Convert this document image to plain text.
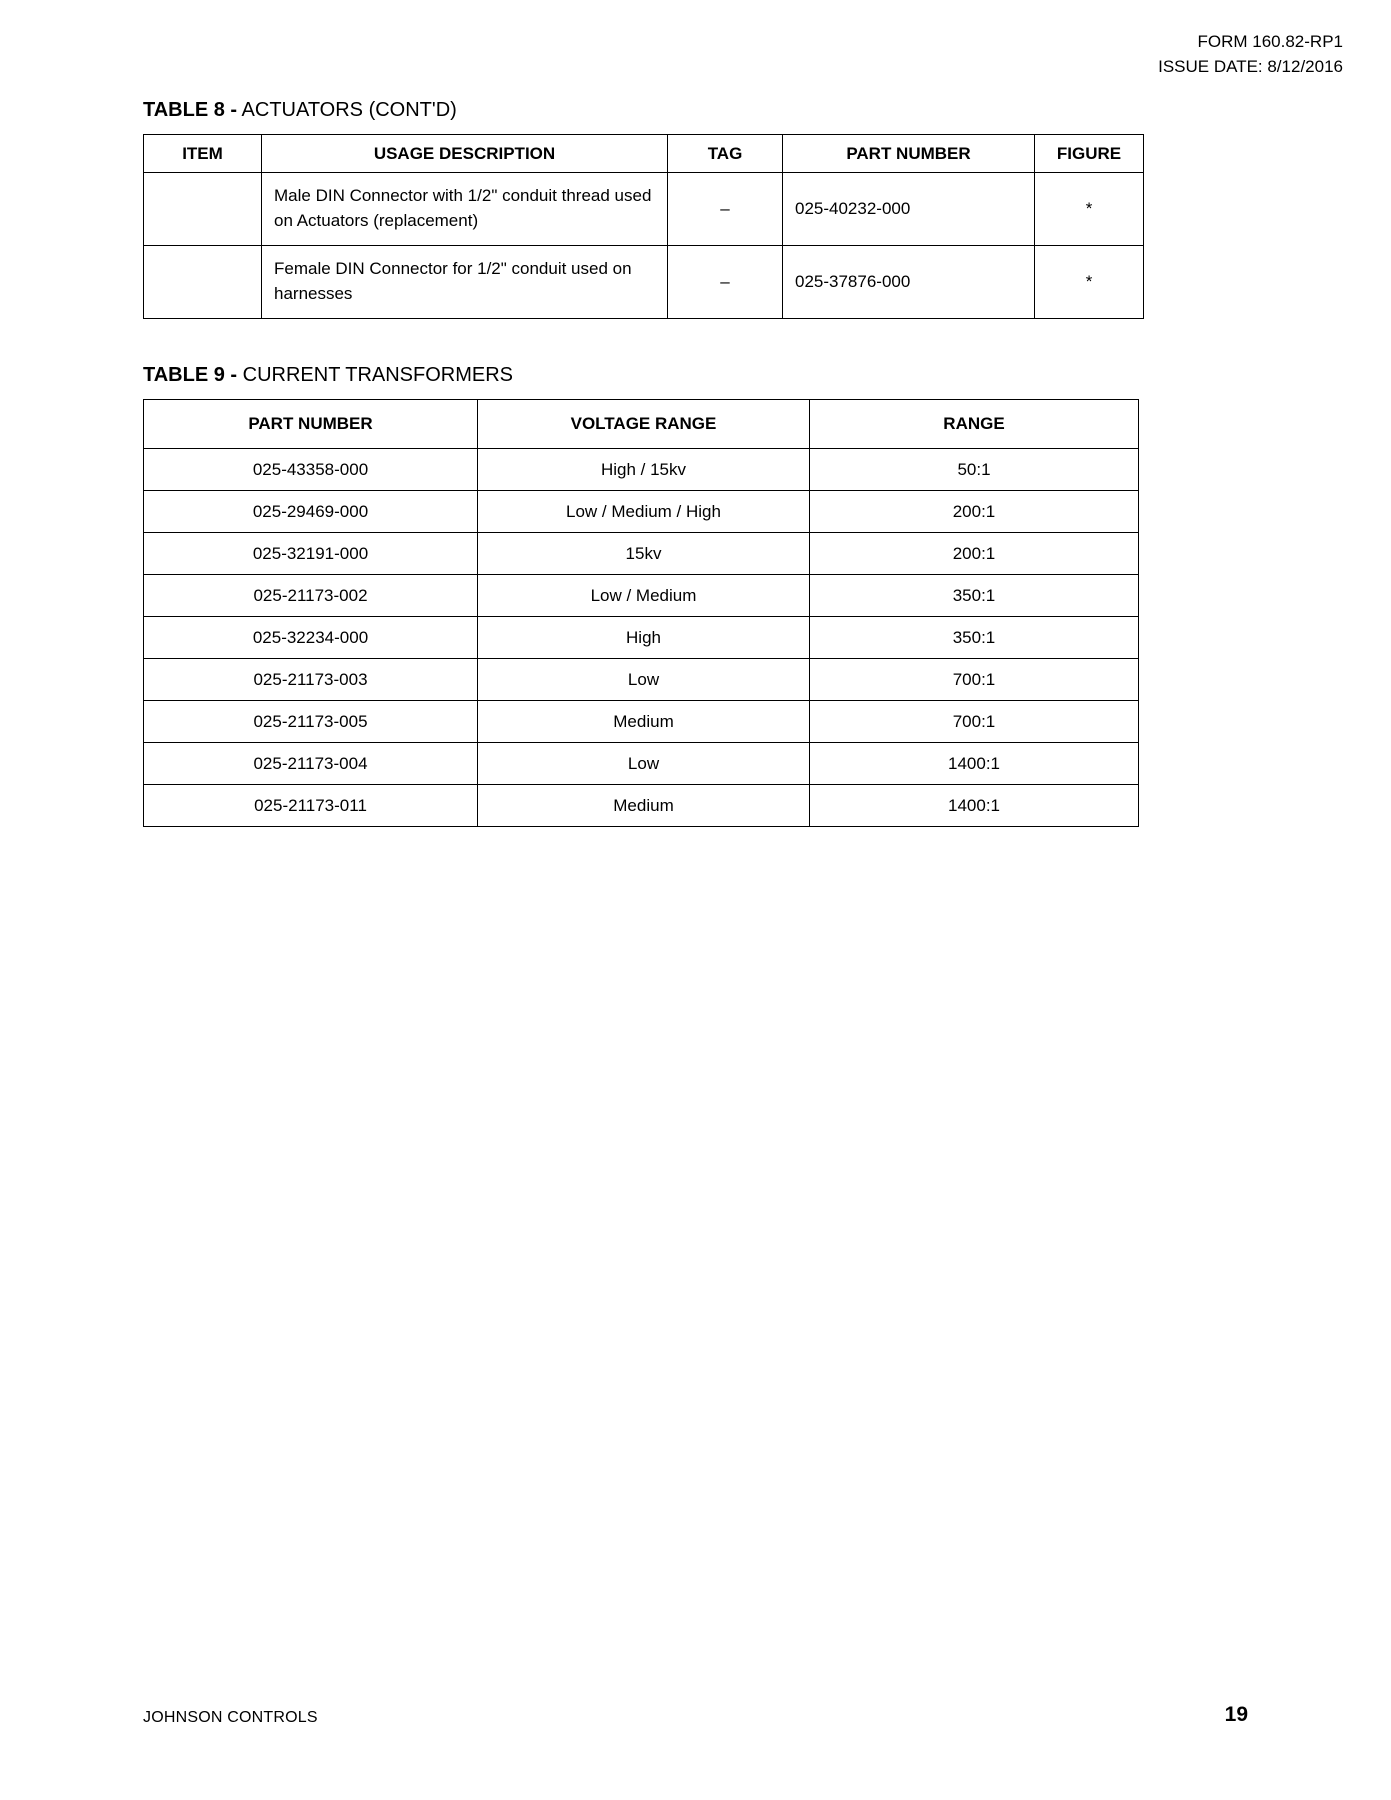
FORM 160.82-RP1
ISSUE DATE: 8/12/2016

TABLE 8 - ACTUATORS (CONT'D)

ITEM	USAGE DESCRIPTION	TAG	PART NUMBER	FIGURE
	Male DIN Connector with 1/2" conduit thread used on Actuators (replacement)	–	025-40232-000	*
	Female DIN Connector for 1/2" conduit used on harnesses	–	025-37876-000	*

TABLE 9 - CURRENT TRANSFORMERS

PART NUMBER	VOLTAGE RANGE	RANGE
025-43358-000	High / 15kv	50:1
025-29469-000	Low / Medium / High	200:1
025-32191-000	15kv	200:1
025-21173-002	Low / Medium	350:1
025-32234-000	High	350:1
025-21173-003	Low	700:1
025-21173-005	Medium	700:1
025-21173-004	Low	1400:1
025-21173-011	Medium	1400:1
JOHNSON CONTROLS	19
